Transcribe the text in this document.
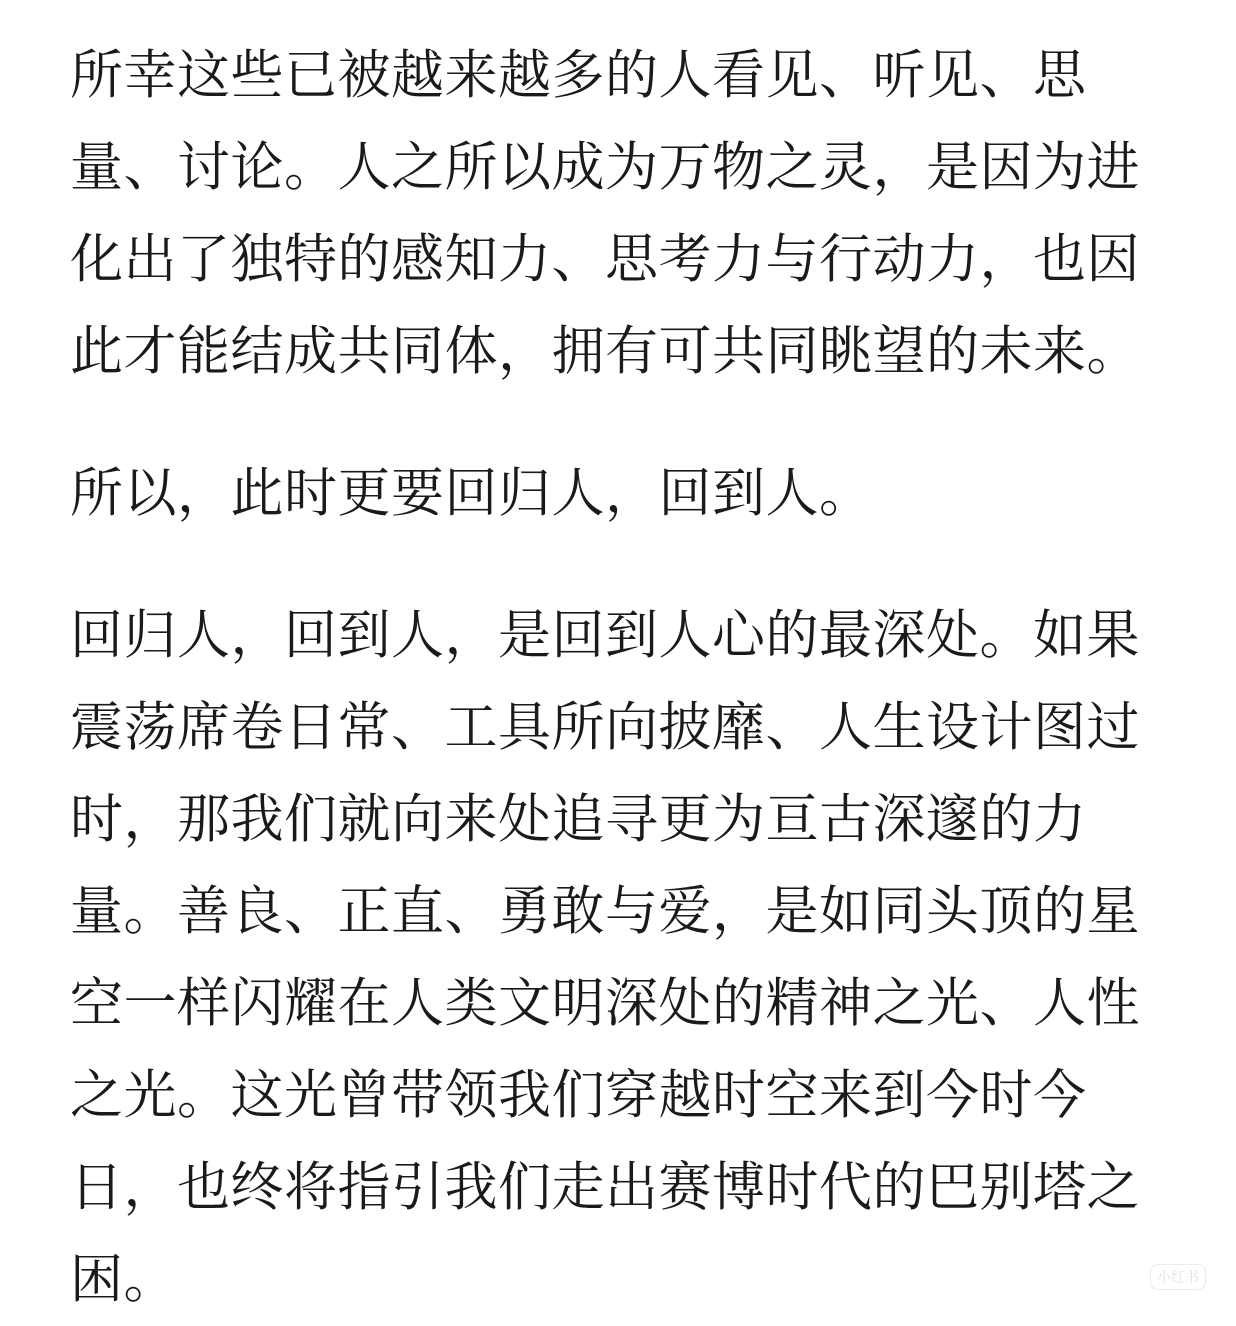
所幸这些已被越来越多的人看见、听见、思量、讨论。人之所以成为万物之灵，是因为进化出了独特的感知力、思考力与行动力，也因此才能结成共同体，拥有可共同眺望的未来。

所以，此时更要回归人，回到人。

回归人，回到人，是回到人心的最深处。如果震荡席卷日常、工具所向披靡、人生设计图过时，那我们就向来处追寻更为亘古深邃的力量。善良、正直、勇敢与爱，是如同头顶的星空一样闪耀在人类文明深处的精神之光、人性之光。这光曾带领我们穿越时空来到今时今日，也终将指引我们走出赛博时代的巴别塔之困。	小红书
